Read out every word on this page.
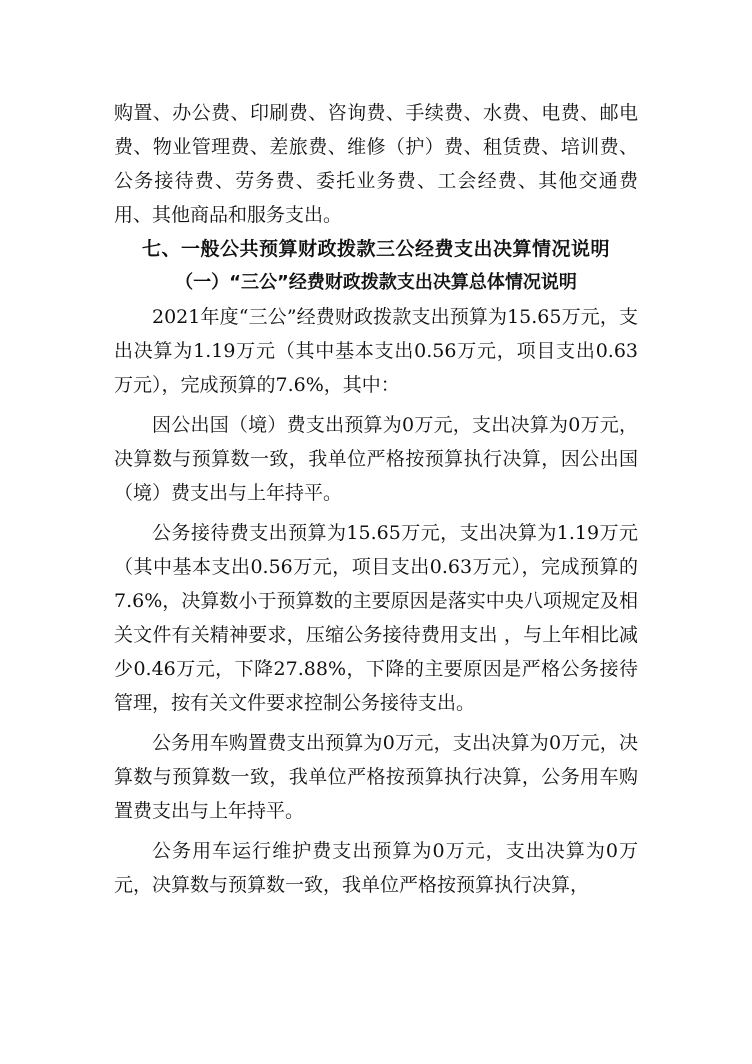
购置、办公费、印刷费、咨询费、手续费、水费、电费、邮电费、物业管理费、差旅费、维修（护）费、租赁费、培训费、公务接待费、劳务费、委托业务费、工会经费、其他交通费用、其他商品和服务支出。

七、一般公共预算财政拨款三公经费支出决算情况说明
（一）“三公”经费财政拨款支出决算总体情况说明

2021年度“三公”经费财政拨款支出预算为15.65万元，支出决算为1.19万元（其中基本支出0.56万元，项目支出0.63万元），完成预算的7.6%，其中：

因公出国（境）费支出预算为0万元，支出决算为0万元，决算数与预算数一致，我单位严格按预算执行决算，因公出国（境）费支出与上年持平。

公务接待费支出预算为15.65万元，支出决算为1.19万元（其中基本支出0.56万元，项目支出0.63万元），完成预算的7.6%，决算数小于预算数的主要原因是落实中央八项规定及相关文件有关精神要求，压缩公务接待费用支出 ，与上年相比减少0.46万元，下降27.88%，下降的主要原因是严格公务接待管理，按有关文件要求控制公务接待支出。

公务用车购置费支出预算为0万元，支出决算为0万元，决算数与预算数一致，我单位严格按预算执行决算，公务用车购置费支出与上年持平。

公务用车运行维护费支出预算为0万元，支出决算为0万元，决算数与预算数一致，我单位严格按预算执行决算，
